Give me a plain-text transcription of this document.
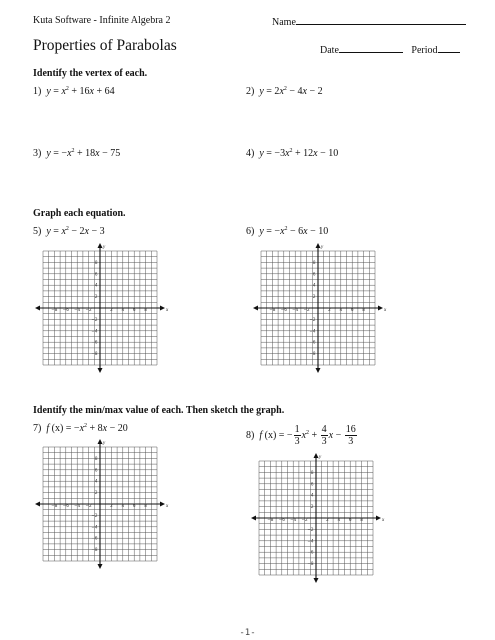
Kuta Software - Infinite Algebra 2	Name
Properties of Parabolas	Date	Period
Identify the vertex of each.
1) $y = x^2 + 16x + 64$	2) $y = 2x^2 - 4x - 2$
3) $y = -x^2 + 18x - 75$	4) $y = -3x^2 + 12x - 10$
Graph each equation.
5) $y = x^2 - 2x - 3$	6) $y = -x^2 - 6x - 10$
−8 −6 −4 −2	2 4 6 8
8
6
4
2
−2
−4
−6
−8
x
y
−8 −6 −4 −2	2 4 6 8
8
6
4
2
−2
−4
−6
−8
x
y
Identify the min/max value of each. Then sketch the graph.
7) f $(x) = -x^2 + 8x - 20$
8) f (x) = − $\frac{1}{3} x^2 + \frac{4}{3}$ $x - \frac{16}{3}$
−8 −6 −4 −2	2 4 6 8
8
6
4
2
−2
−4
−6
−8
x
y
−8 −6 −4 −2	2 4 6 8
8
6
4
2
−2
−4
−6
−8
x
y
-1-
